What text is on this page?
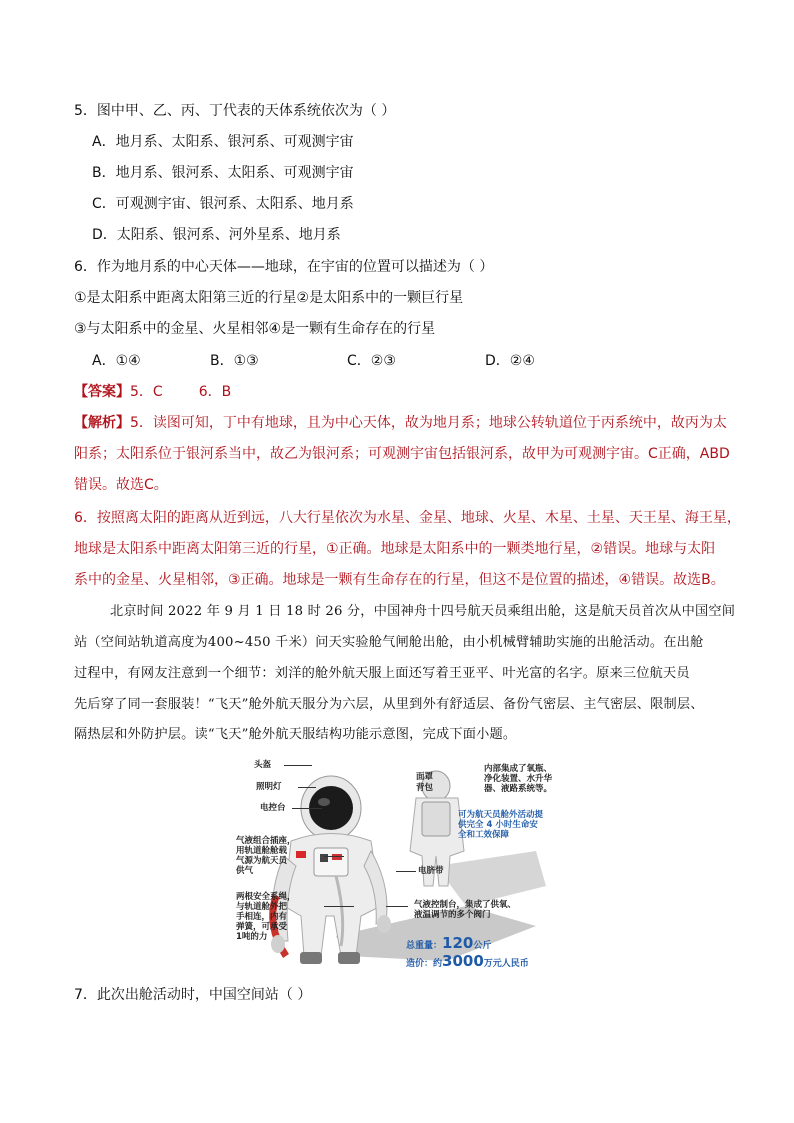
5．图中甲、乙、丙、丁代表的天体系统依次为（ ）
A．地月系、太阳系、银河系、可观测宇宙
B．地月系、银河系、太阳系、可观测宇宙
C．可观测宇宙、银河系、太阳系、地月系
D．太阳系、银河系、河外星系、地月系
6．作为地月系的中心天体——地球，在宇宙的位置可以描述为（ ）
①是太阳系中距离太阳第三近的行星②是太阳系中的一颗巨行星
③与太阳系中的金星、火星相邻④是一颗有生命存在的行星
A．①④	B．①③	C．②③	D．②④
【答案】5．C	6．B
【解析】5．读图可知，丁中有地球，且为中心天体，故为地月系；地球公转轨道位于丙系统中，故丙为太
阳系；太阳系位于银河系当中，故乙为银河系；可观测宇宙包括银河系，故甲为可观测宇宙。C正确，ABD
错误。故选C。
6．按照离太阳的距离从近到远，八大行星依次为水星、金星、地球、火星、木星、土星、天王星、海王星，
地球是太阳系中距离太阳第三近的行星，①正确。地球是太阳系中的一颗类地行星，②错误。地球与太阳
系中的金星、火星相邻，③正确。地球是一颗有生命存在的行星，但这不是位置的描述，④错误。故选B。
北京时间 2022 年 9 月 1 日 18 时 26 分，中国神舟十四号航天员乘组出舱，这是航天员首次从中国空间
站（空间站轨道高度为400~450 千米）问天实验舱气闸舱出舱，由小机械臂辅助实施的出舱活动。在出舱
过程中，有网友注意到一个细节：刘洋的舱外航天服上面还写着王亚平、叶光富的名字。原来三位航天员
先后穿了同一套服装！“飞天”舱外航天服分为六层，从里到外有舒适层、备份气密层、主气密层、限制层、
隔热层和外防护层。读“飞天”舱外航天服结构功能示意图，完成下面小题。
头盔
照明灯
电控台
气液组合插座，
用轨道舱舱载
气源为航天员
供气
两根安全系绳，
与轨道舱外把
手相连，内有
弹簧，可承受
1吨的力
面罩
背包
内部集成了氧瓶、
净化装置、水升华
器、液路系统等。
可为航天员舱外活动提
供完全 4 小时生命安
全和工效保障
电脐带
气液控制台，集成了供氧、
液温调节的多个阀门
总重量：120公斤
造价：约3000万元人民币
7．此次出舱活动时，中国空间站（ ）
